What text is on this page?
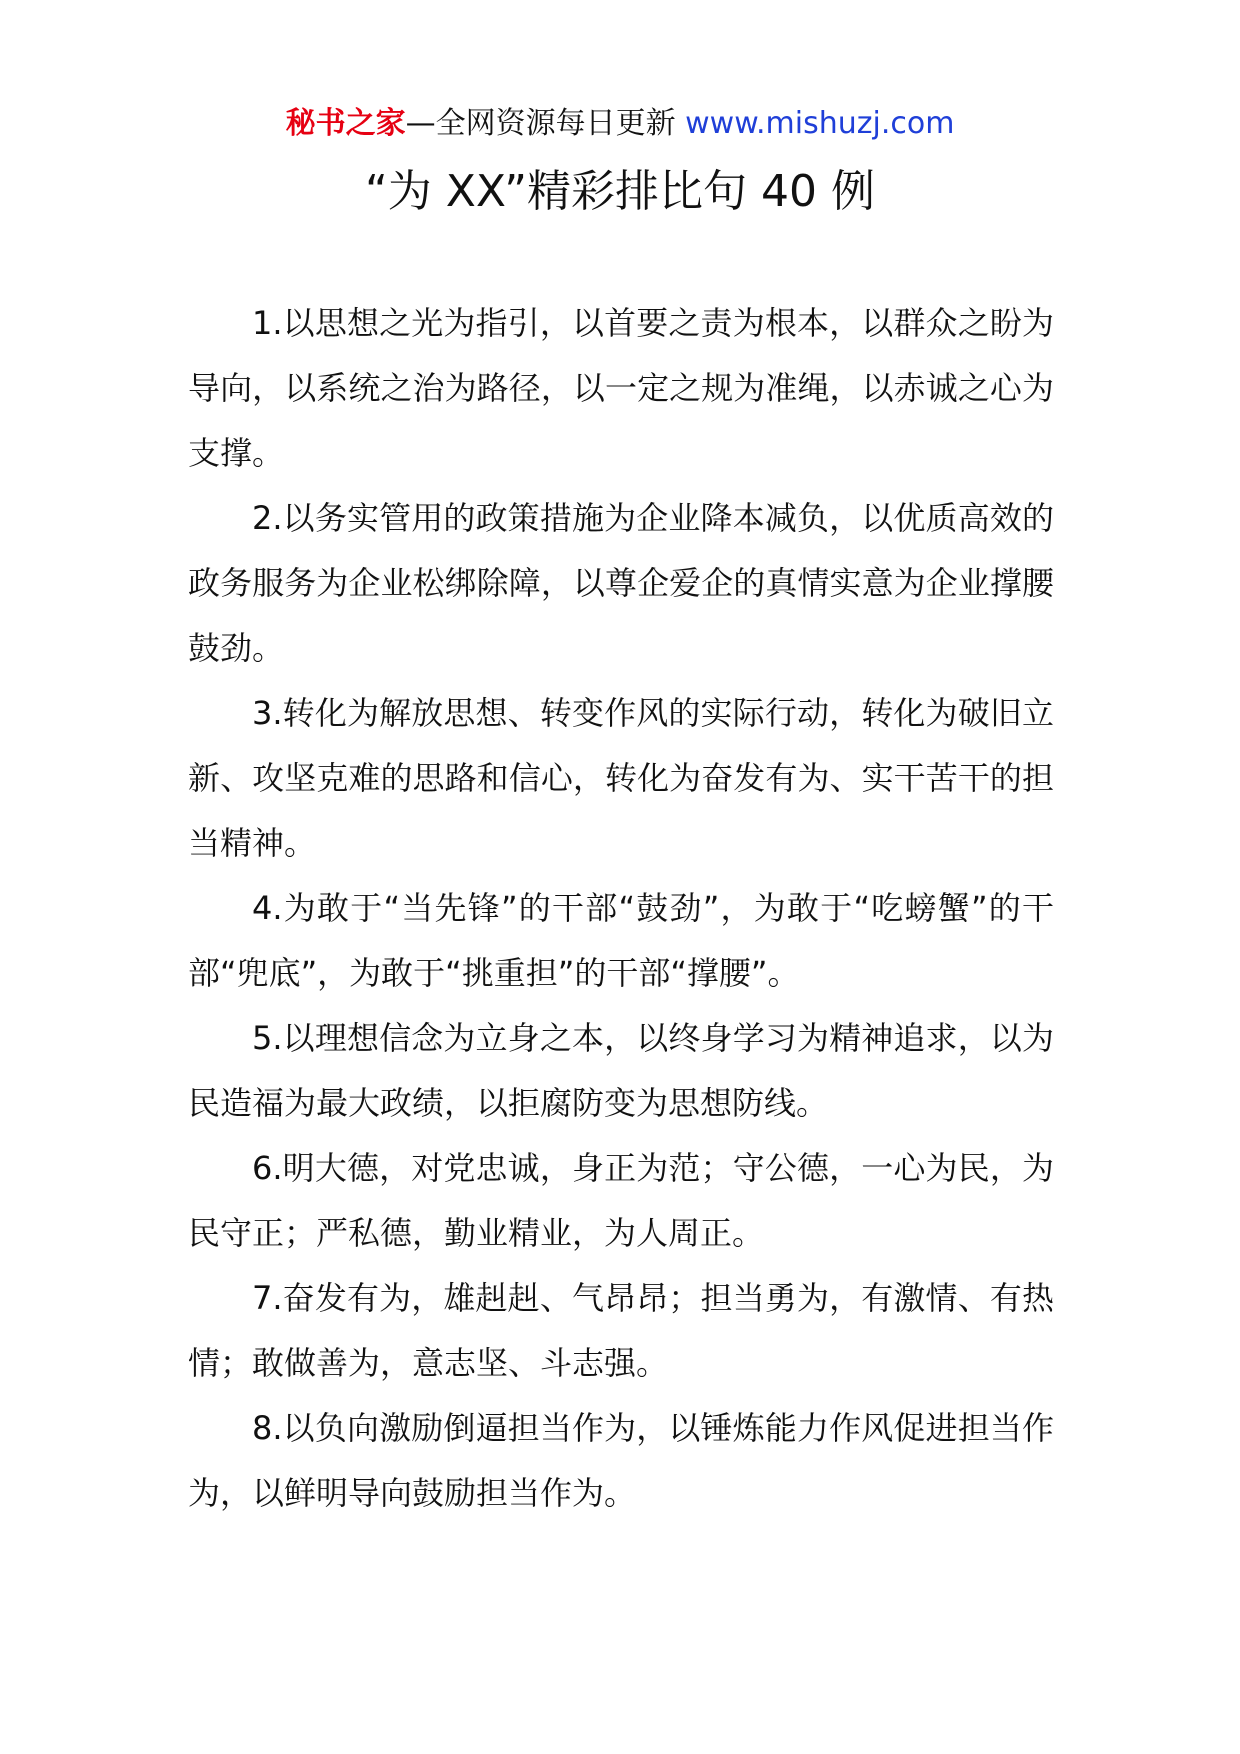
秘书之家—全网资源每日更新 www.mishuzj.com
“为 XX”精彩排比句 40 例

1.以思想之光为指引，以首要之责为根本，以群众之盼为导向，以系统之治为路径，以一定之规为准绳，以赤诚之心为支撑。

2.以务实管用的政策措施为企业降本减负，以优质高效的政务服务为企业松绑除障，以尊企爱企的真情实意为企业撑腰鼓劲。

3.转化为解放思想、转变作风的实际行动，转化为破旧立新、攻坚克难的思路和信心，转化为奋发有为、实干苦干的担当精神。

4.为敢于“当先锋”的干部“鼓劲”，为敢于“吃螃蟹”的干部“兜底”，为敢于“挑重担”的干部“撑腰”。

5.以理想信念为立身之本，以终身学习为精神追求，以为民造福为最大政绩，以拒腐防变为思想防线。

6.明大德，对党忠诚，身正为范；守公德，一心为民，为民守正；严私德，勤业精业，为人周正。

7.奋发有为，雄赳赳、气昂昂；担当勇为，有激情、有热情；敢做善为，意志坚、斗志强。

8.以负向激励倒逼担当作为，以锤炼能力作风促进担当作为，以鲜明导向鼓励担当作为。
